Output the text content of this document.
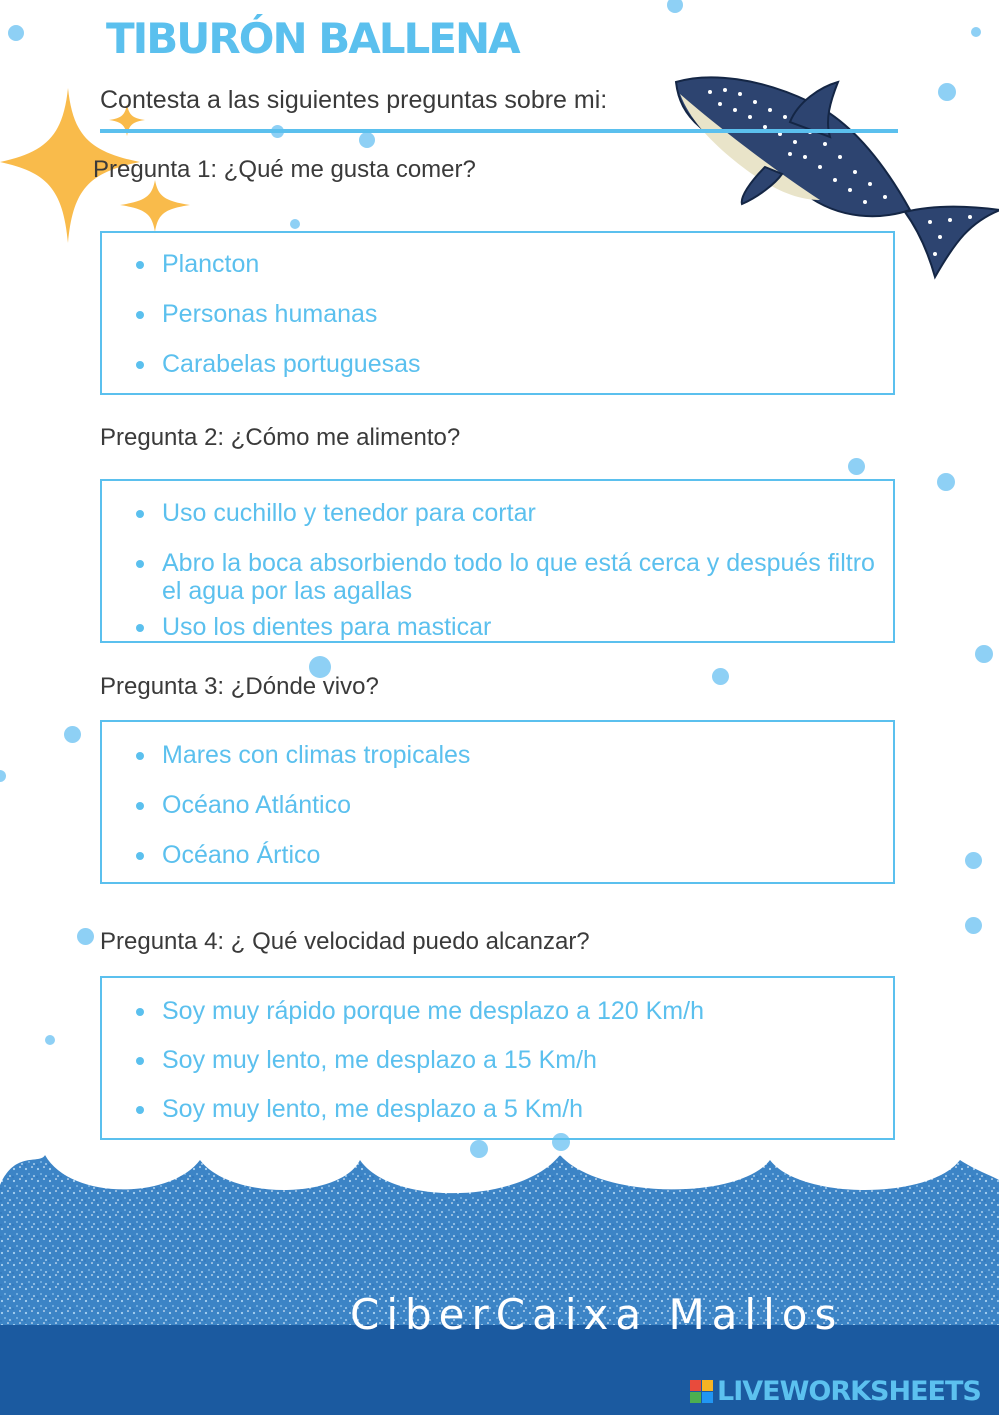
TIBURÓN BALLENA
Contesta a las siguientes preguntas sobre mi:
Pregunta 1: ¿Qué me gusta comer?
Plancton
Personas humanas
Carabelas portuguesas
Pregunta 2: ¿Cómo me alimento?
Uso cuchillo y tenedor para cortar
Abro la boca absorbiendo todo lo que está cerca y después filtro el agua por las agallas
Uso los dientes para masticar
Pregunta 3: ¿Dónde vivo?
Mares con climas tropicales
Océano Atlántico
Océano Ártico
Pregunta 4: ¿ Qué velocidad puedo alcanzar?
Soy muy rápido porque me desplazo a 120 Km/h
Soy muy lento, me desplazo a 15 Km/h
Soy muy lento, me desplazo a 5 Km/h
CiberCaixa Mallos
LIVEWORKSHEETS
